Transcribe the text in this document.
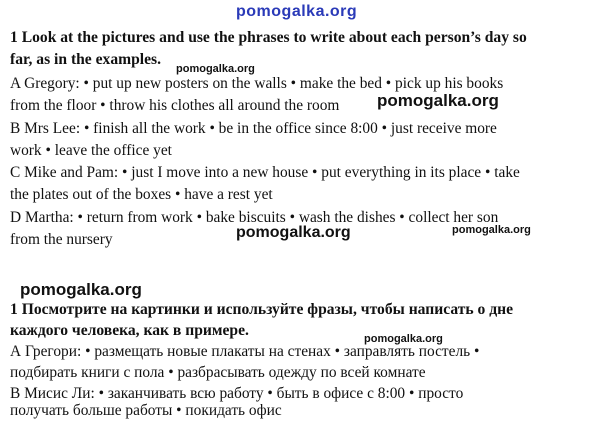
pomogalka.org
1 Look at the pictures and use the phrases to write about each person’s day so
far, as in the examples.
pomogalka.org
A Gregory: • put up new posters on the walls • make the bed • pick up his books
from the floor • throw his clothes all around the room pomogalka.org
B Mrs Lee: • finish all the work • be in the office since 8:00 • just receive more
work • leave the office yet
C Mike and Pam: • just I move into a new house • put everything in its place • take
the plates out of the boxes • have a rest yet
D Martha: • return from work • bake biscuits • wash the dishes • collect her son
from the nursery	pomogalka.org	pomogalka.org
pomogalka.org
1 Посмотрите на картинки и используйте фразы, чтобы написать о дне
каждого человека, как в примере.	pomogalka.org
А Грегори: • размещать новые плакаты на стенах • заправлять постель •
подбирать книги с пола • разбрасывать одежду по всей комнате
В Мисис Ли: • заканчивать всю работу • быть в офисе с 8:00 • просто
получать больше работы • покидать офис
